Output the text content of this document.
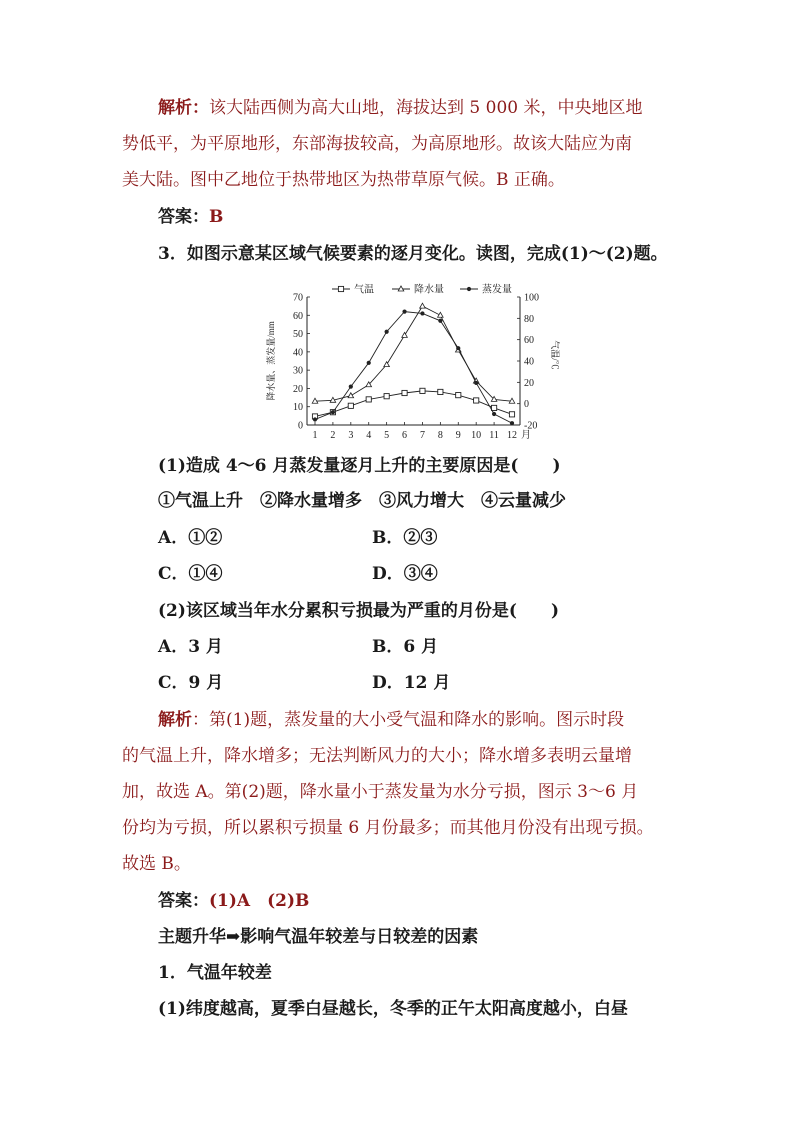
解析：该大陆西侧为高大山地，海拔达到 5 000 米，中央地区地
势低平，为平原地形，东部海拔较高，为高原地形。故该大陆应为南
美大陆。图中乙地位于热带地区为热带草原气候。B 正确。
答案：B
3．如图示意某区域气候要素的逐月变化。读图，完成(1)～(2)题。
0
10
20
30
40
50
60
70
-20
0
20
40
60
80
100
1 2 3 4 5 6 7 8 9 10 11 12 月
降水量、蒸发量/mm	气温/℃
气温	降水量	蒸发量
(1)造成 4～6 月蒸发量逐月上升的主要原因是(　　)
①气温上升　②降水量增多　③风力增大　④云量减少
A．①②	B．②③
C．①④	D．③④
(2)该区域当年水分累积亏损最为严重的月份是(　　)
A．3 月	B．6 月
C．9 月	D．12 月
解析：第(1)题，蒸发量的大小受气温和降水的影响。图示时段
的气温上升，降水增多；无法判断风力的大小；降水增多表明云量增
加，故选 A。第(2)题，降水量小于蒸发量为水分亏损，图示 3～6 月
份均为亏损，所以累积亏损量 6 月份最多；而其他月份没有出现亏损。
故选 B。
答案：(1)A　(2)B
主题升华➡影响气温年较差与日较差的因素
1．气温年较差
(1)纬度越高，夏季白昼越长，冬季的正午太阳高度越小，白昼
